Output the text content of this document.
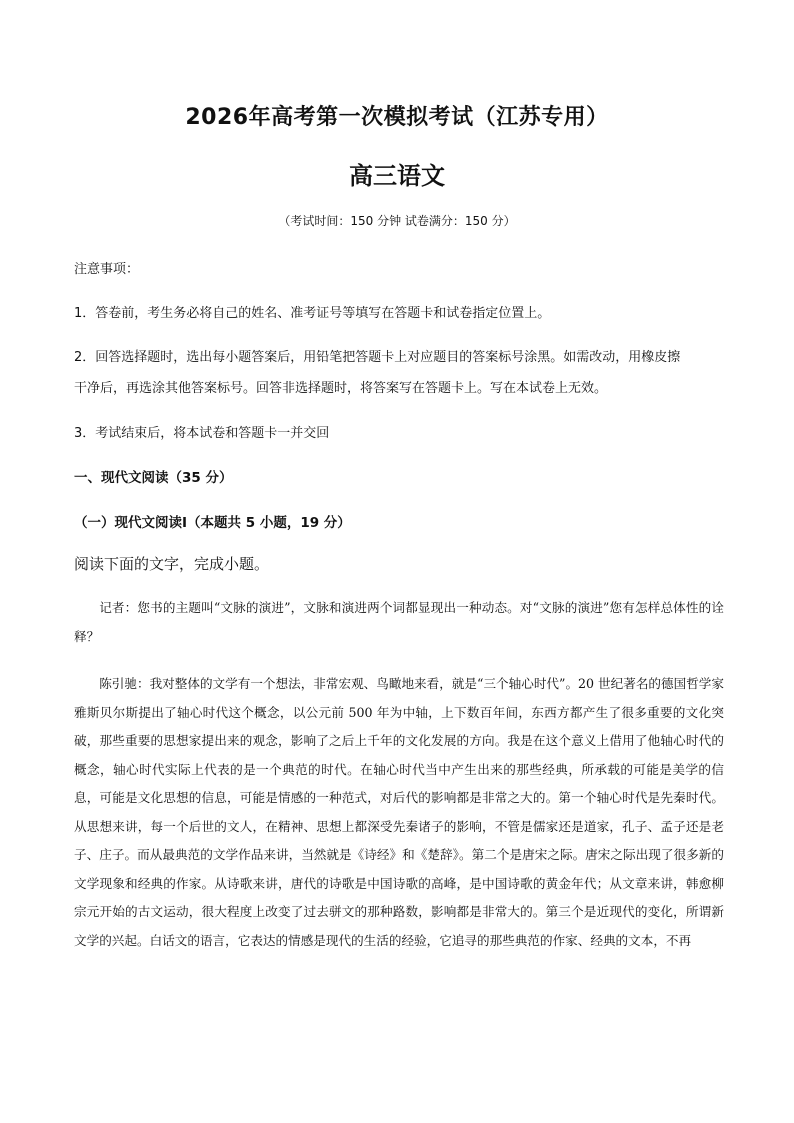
2026年高考第一次模拟考试（江苏专用）
高三语文
（考试时间：150 分钟 试卷满分：150 分）
注意事项：
1．答卷前，考生务必将自己的姓名、准考证号等填写在答题卡和试卷指定位置上。
2．回答选择题时，选出每小题答案后，用铅笔把答题卡上对应题目的答案标号涂黑。如需改动，用橡皮擦
干净后，再选涂其他答案标号。回答非选择题时，将答案写在答题卡上。写在本试卷上无效。
3．考试结束后，将本试卷和答题卡一并交回
一、现代文阅读（35 分）
（一）现代文阅读Ⅰ（本题共 5 小题，19 分）
阅读下面的文字，完成小题。
记者：您书的主题叫“文脉的演进”，文脉和演进两个词都显现出一种动态。对“文脉的演进”您有怎样总体性的诠释？
陈引驰：我对整体的文学有一个想法，非常宏观、鸟瞰地来看，就是“三个轴心时代”。20 世纪著名的德国哲学家雅斯贝尔斯提出了轴心时代这个概念，以公元前 500 年为中轴，上下数百年间，东西方都产生了很多重要的文化突破，那些重要的思想家提出来的观念，影响了之后上千年的文化发展的方向。我是在这个意义上借用了他轴心时代的概念，轴心时代实际上代表的是一个典范的时代。在轴心时代当中产生出来的那些经典，所承载的可能是美学的信息，可能是文化思想的信息，可能是情感的一种范式，对后代的影响都是非常之大的。第一个轴心时代是先秦时代。从思想来讲，每一个后世的文人，在精神、思想上都深受先秦诸子的影响，不管是儒家还是道家，孔子、孟子还是老子、庄子。而从最典范的文学作品来讲，当然就是《诗经》和《楚辞》。第二个是唐宋之际。唐宋之际出现了很多新的文学现象和经典的作家。从诗歌来讲，唐代的诗歌是中国诗歌的高峰，是中国诗歌的黄金年代；从文章来讲，韩愈柳宗元开始的古文运动，很大程度上改变了过去骈文的那种路数，影响都是非常大的。第三个是近现代的变化，所谓新文学的兴起。白话文的语言，它表达的情感是现代的生活的经验，它追寻的那些典范的作家、经典的文本，不再
